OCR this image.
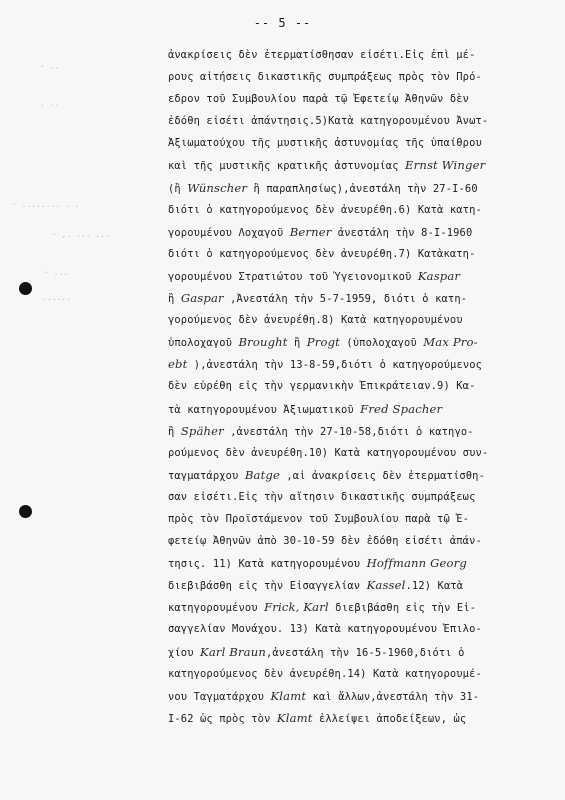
-- 5 --
· ..
. ..
· ........ . .
· ,. ... ...
· ...
......
ἀνακρίσεις δὲν ἐτερματίσθησαν εἰσέτι.Εἰς ἐπὶ μέ-
ρους αἰτήσεις δικαστικῆς συμπράξεως πρὸς τὸν Πρό-
εδρον τοῦ Συμβουλίου παρὰ τῷ Ἐφετείῳ Ἀθηνῶν δὲν
ἐδόθη εἰσέτι ἀπάντησις.5)Κατὰ κατηγορουμένου Ἀνωτ-
Ἀξιωματούχου τῆς μυστικῆς ἀστυνομίας τῆς ὑπαίθρου
καὶ τῆς μυστικῆς κρατικῆς ἀστυνομίας Ernst Winger
(ἢ Wünscher ἢ παραπλησίως),ἀνεστάλη τὴν 27-I-60
διότι ὁ κατηγορούμενος δὲν ἀνευρέθη.6) Κατὰ κατη-
γορουμένου Λοχαγοῦ Berner ἀνεστάλη τὴν 8-I-1960
διότι ὁ κατηγορούμενος δὲν ἀνευρέθη.7) Κατὰκατη-
γορουμένου Στρατιώτου τοῦ Ὑγειονομικοῦ Kaspar
ἢ Gaspar ,Ἀνεστάλη τὴν 5-7-1959, διότι ὁ κατη-
γορούμενος δὲν ἀνευρέθη.8) Κατὰ κατηγορουμένου
ὑπολοχαγοῦ Brought ἢ Progt (ὑπολοχαγοῦ Max Pro-
ebt ),ἀνεστάλη τὴν 13-8-59,διότι ὁ κατηγορούμενος
δὲν εὑρέθη εἰς τὴν γερμανικὴν Ἐπικράτειαν.9) Κα-
τὰ κατηγορουμένου Ἀξιωματικοῦ Fred Spacher
ἢ Späher ,ἀνεστάλη τὴν 27-10-58,διότι ὁ κατηγο-
ρούμενος δὲν ἀνευρέθη.10) Κατὰ κατηγορουμένου συν-
ταγματάρχου Batge ,αἱ ἀνακρίσεις δὲν ἐτερματίσθη-
σαν εἰσέτι.Εἰς τὴν αἴτησιν δικαστικῆς συμπράξεως
πρὸς τὸν Προϊστάμενον τοῦ Συμβουλίου παρὰ τῷ Ἐ-
φετείῳ Ἀθηνῶν ἀπὸ 30-10-59 δὲν ἐδόθη εἰσέτι ἀπάν-
τησις. 11) Κατὰ κατηγορουμένου Hoffmann Georg
διεβιβάσθη εἰς τὴν Εἰσαγγελίαν Kassel.12) Κατὰ
κατηγορουμένου Frick, Karl διεβιβάσθη εἰς τὴν Εἰ-
σαγγελίαν Μονάχου. 13) Κατὰ κατηγορουμένου Ἐπιλο-
χίου Karl Braun,ἀνεστάλη τὴν 16-5-1960,διότι ὁ
κατηγορούμενος δὲν ἀνευρέθη.14) Κατὰ κατηγορουμέ-
νου Ταγματάρχου Klamt καὶ ἄλλων,ἀνεστάλη τὴν 31-
I-62 ὡς πρὸς τὸν Klamt ἐλλείψει ἀποδείξεων, ὡς
